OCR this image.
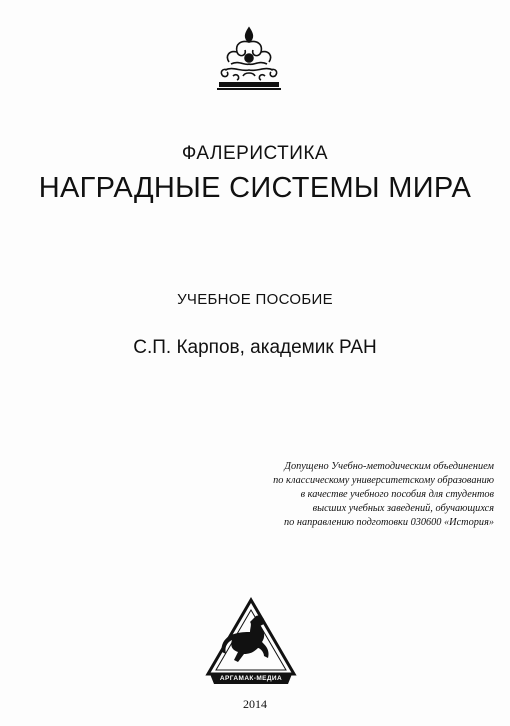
ФАЛЕРИСТИКА
НАГРАДНЫЕ СИСТЕМЫ МИРА
УЧЕБНОЕ ПОСОБИЕ
С.П. Карпов, академик РАН
Допущено Учебно-методическим объединением
по классическому университетскому образованию
в качестве учебного пособия для студентов
высших учебных заведений, обучающихся
по направлению подготовки 030600 «История»
АРГАМАК-МЕДИА
2014
